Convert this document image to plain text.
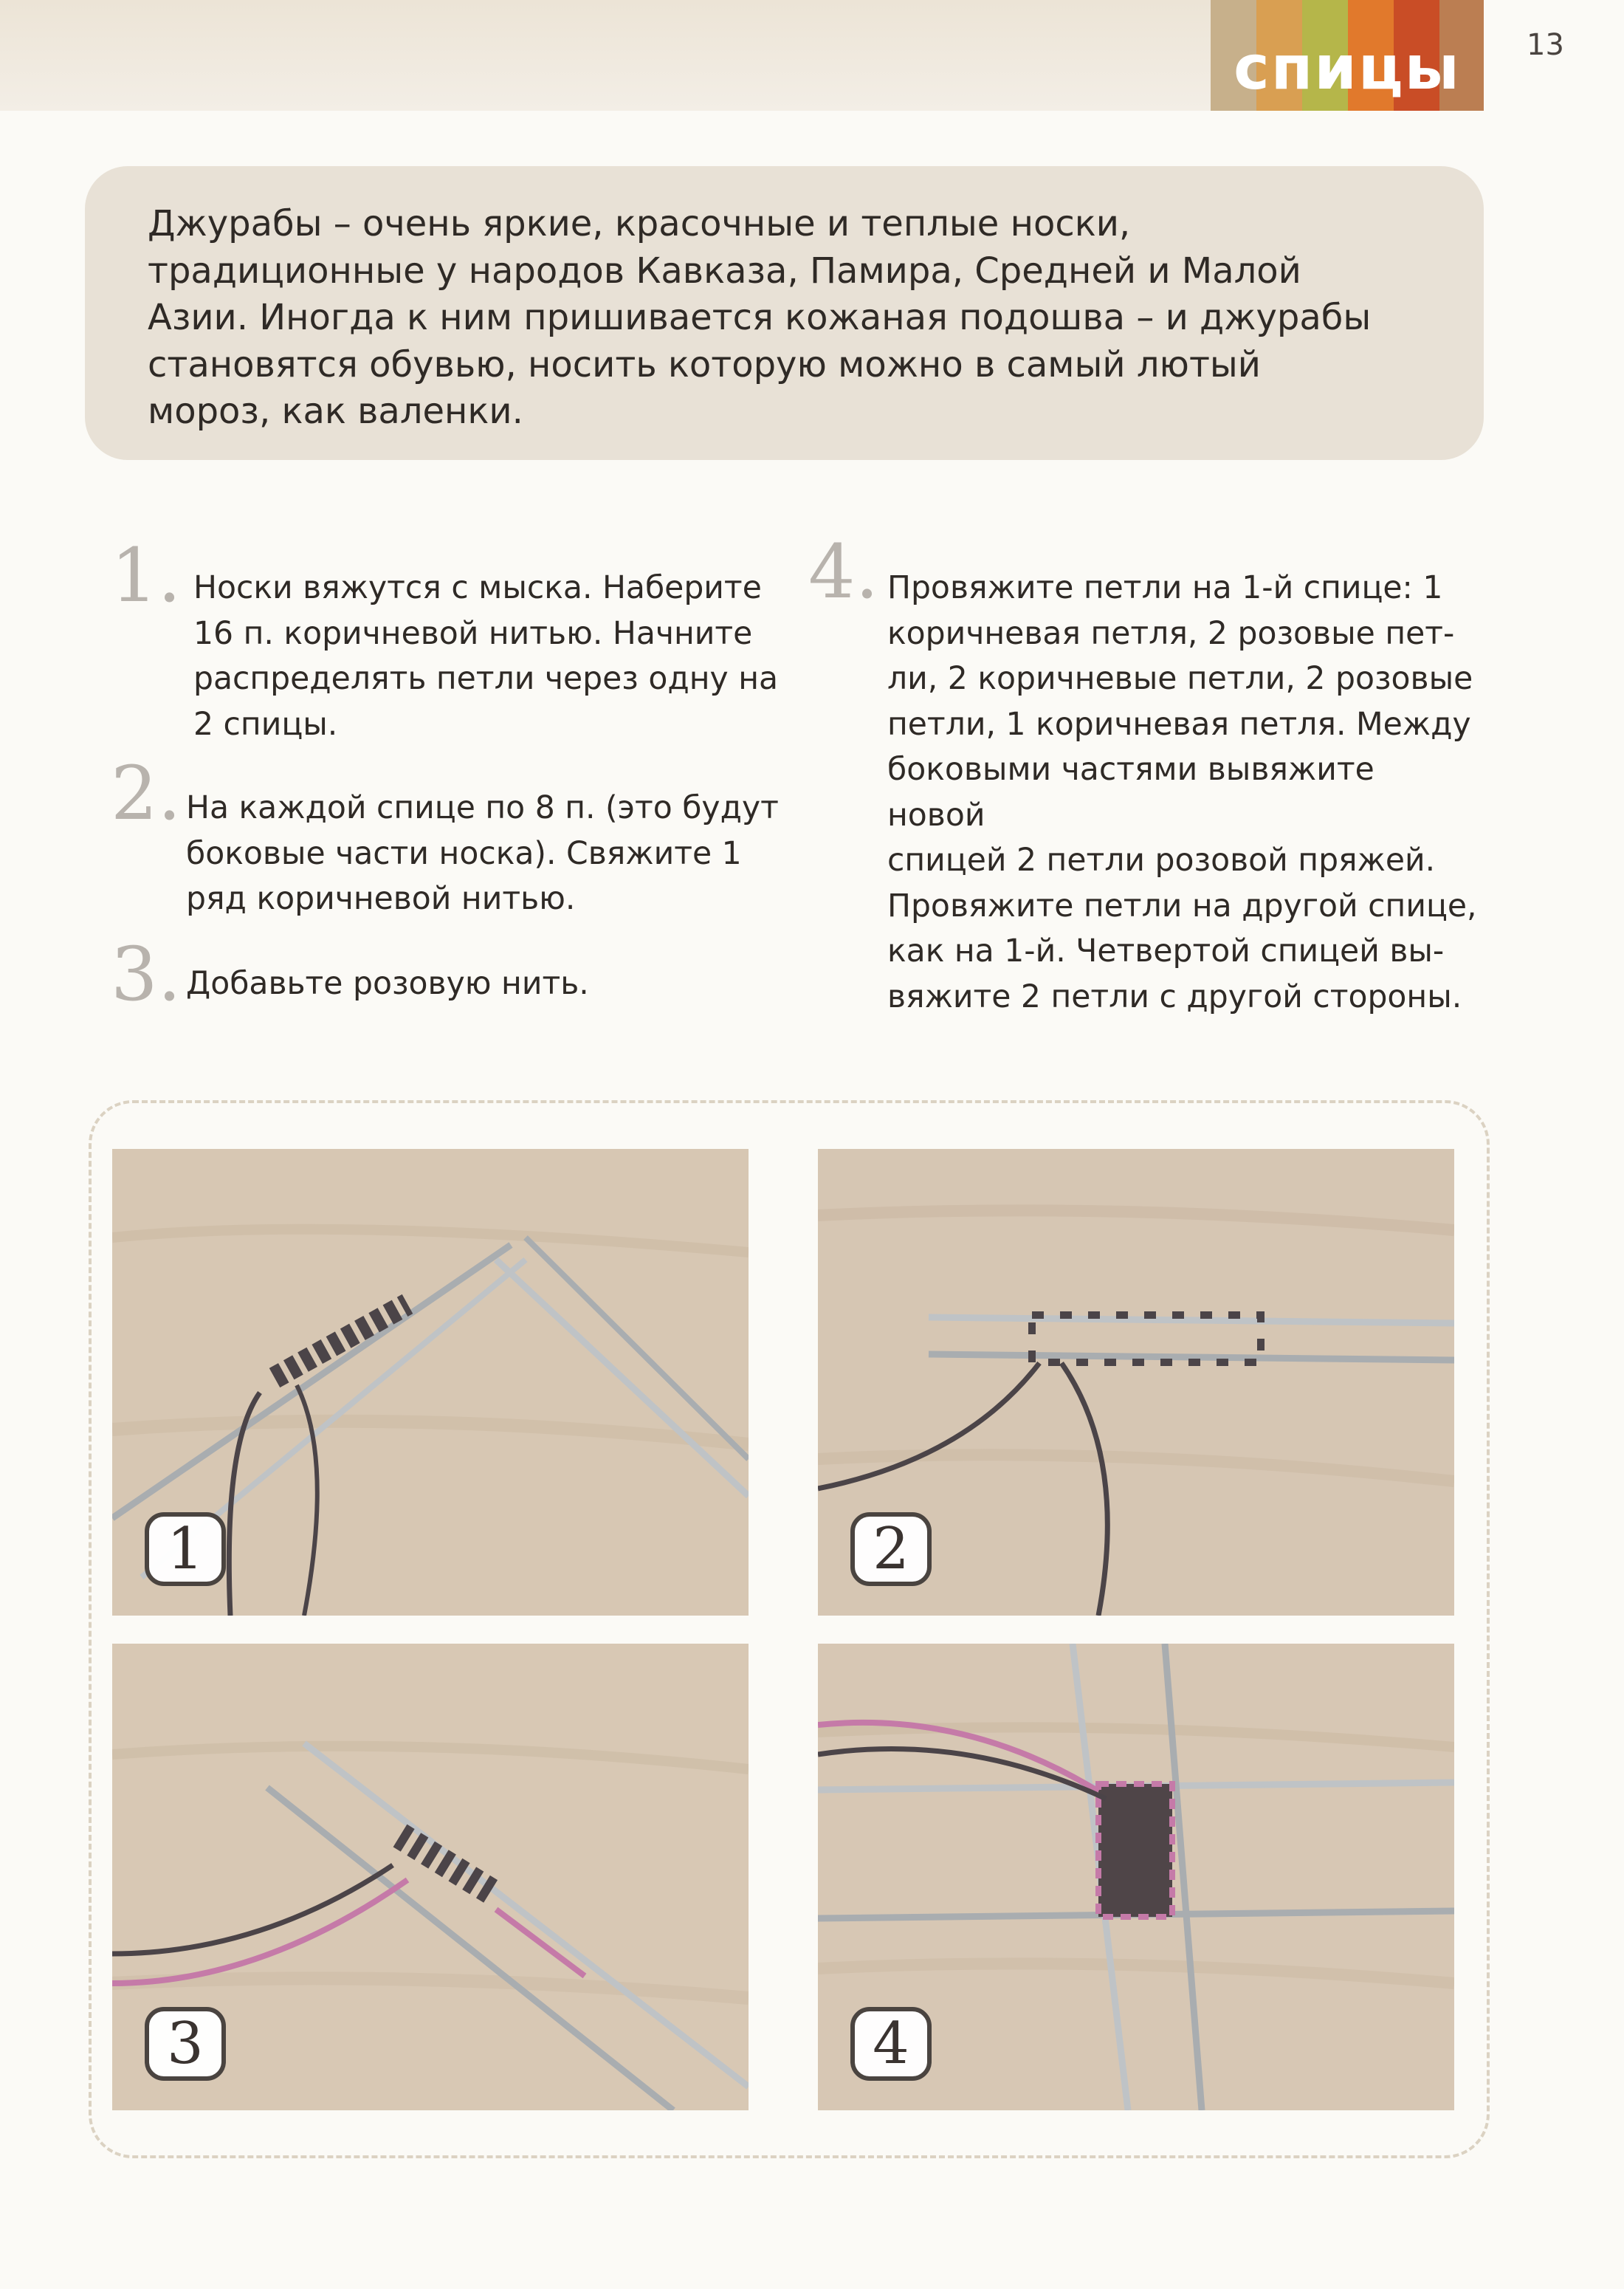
спицы	13
Джурабы – очень яркие, красочные и теплые носки,
традиционные у народов Кавказа, Памира, Средней и Малой
Азии. Иногда к ним пришивается кожаная подошва – и джурабы
становятся обувью, носить которую можно в самый лютый
мороз, как валенки.
1. Носки вяжутся с мыска. Наберите
16 п. коричневой нитью. Начните
распределять петли через одну на
2 спицы.
2. На каждой спице по 8 п. (это будут
боковые части носка). Свяжите 1
ряд коричневой нитью.
3. Добавьте розовую нить.
4. Провяжите петли на 1-й спице: 1
коричневая петля, 2 розовые пет-
ли, 2 коричневые петли, 2 розовые
петли, 1 коричневая петля. Между
боковыми частями вывяжите новой
спицей 2 петли розовой пряжей.
Провяжите петли на другой спице,
как на 1-й. Четвертой спицей вы-
вяжите 2 петли с другой стороны.
1	2
3	4
